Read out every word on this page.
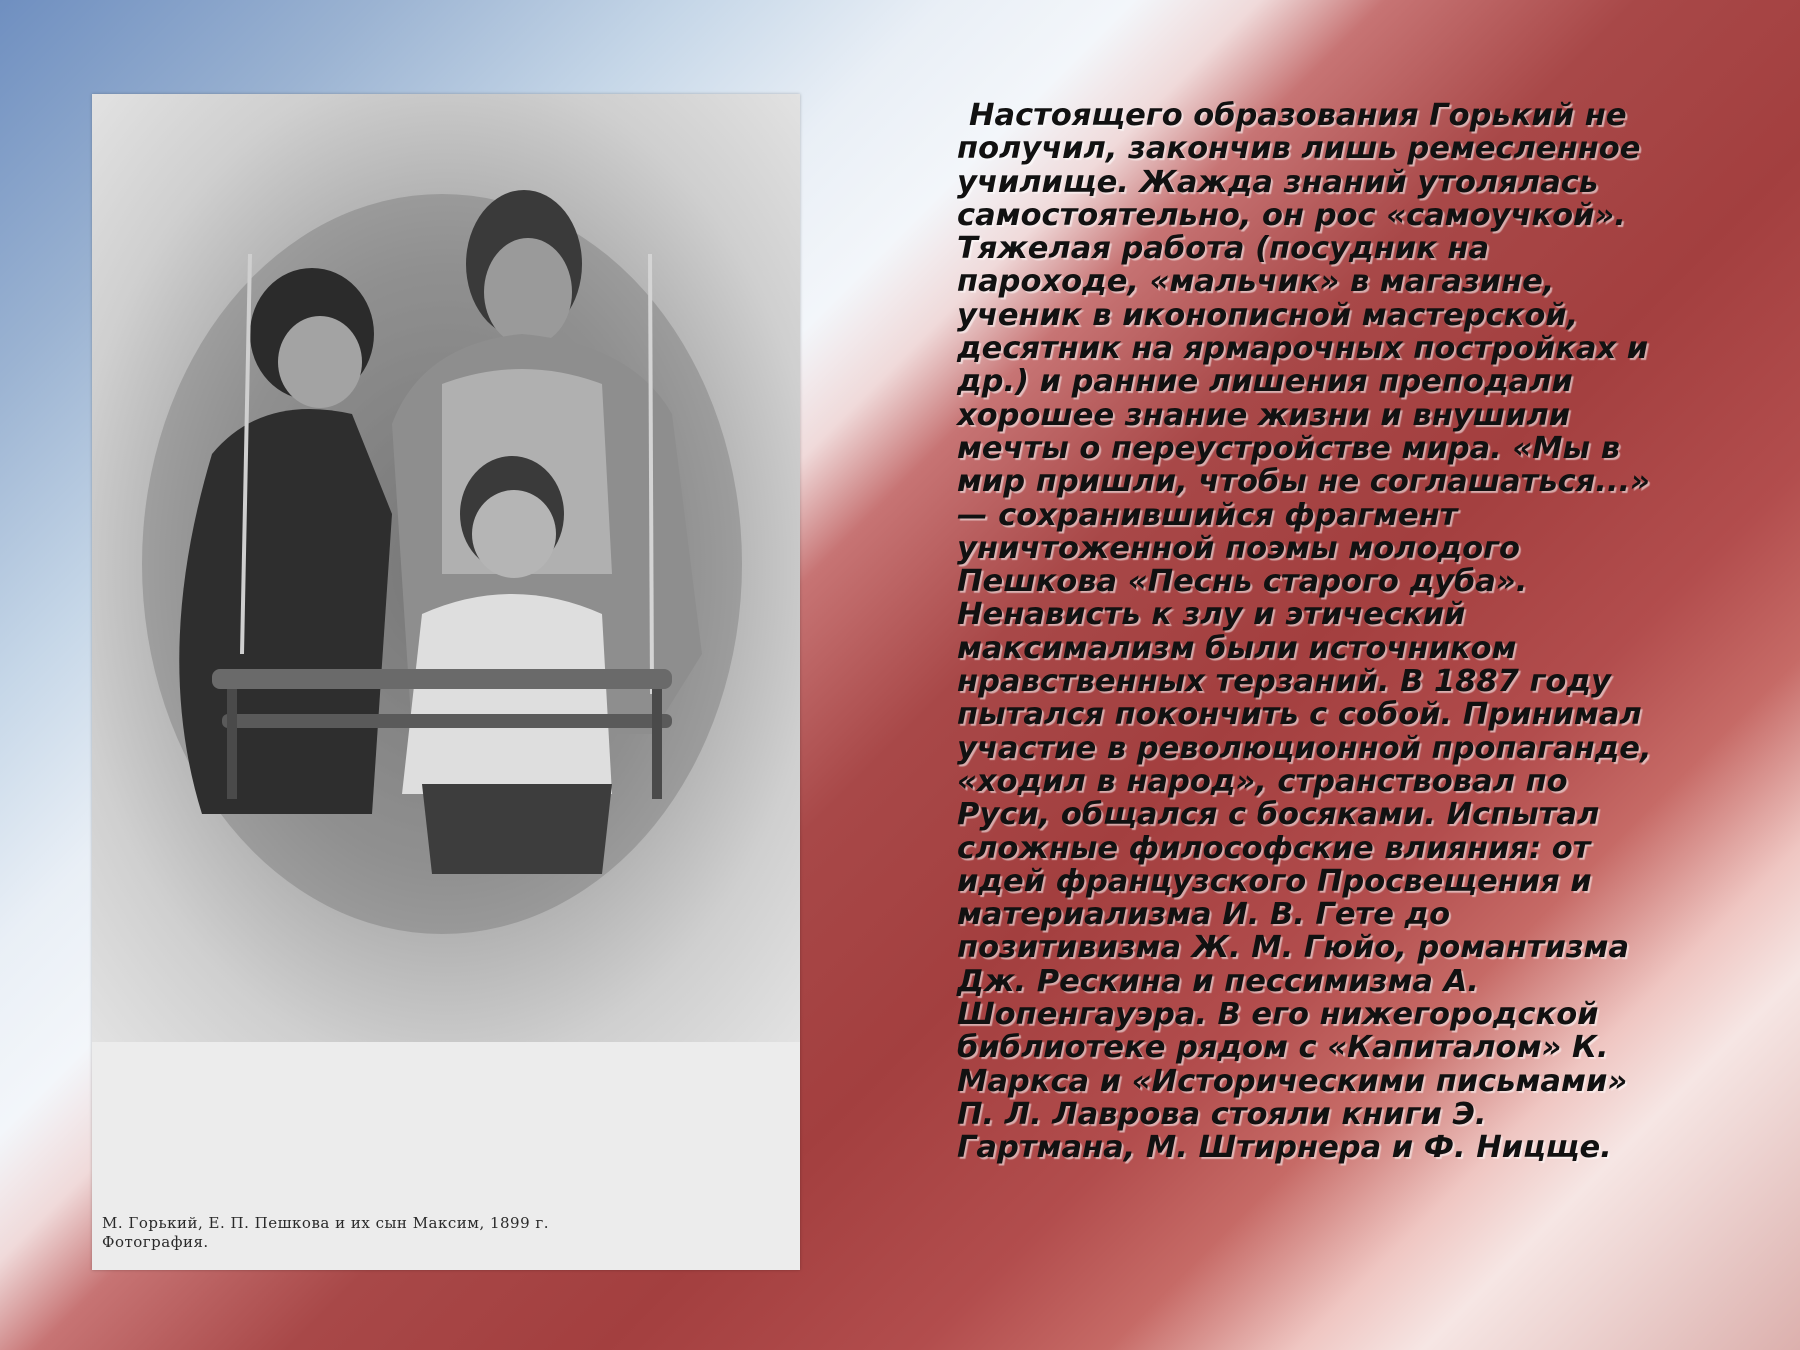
М. Горький, Е. П. Пешкова и их сын Максим, 1899 г.
Фотография.
Настоящего образования Горький не
получил, закончив лишь ремесленное
училище. Жажда знаний утолялась
самостоятельно, он рос «самоучкой».
Тяжелая работа (посудник на
пароходе, «мальчик» в магазине,
ученик в иконописной мастерской,
десятник на ярмарочных постройках и
др.) и ранние лишения преподали
хорошее знание жизни и внушили
мечты о переустройстве мира. «Мы в
мир пришли, чтобы не соглашаться...»
— сохранившийся фрагмент
уничтоженной поэмы молодого
Пешкова «Песнь старого дуба».
Ненависть к злу и этический
максимализм были источником
нравственных терзаний. В 1887 году
пытался покончить с собой. Принимал
участие в революционной пропаганде,
«ходил в народ», странствовал по
Руси, общался с босяками. Испытал
сложные философские влияния: от
идей французского Просвещения и
материализма И. В. Гете до
позитивизма Ж. М. Гюйо, романтизма
Дж. Рескина и пессимизма А.
Шопенгауэра. В его нижегородской
библиотеке рядом с «Капиталом» К.
Маркса и «Историческими письмами»
П. Л. Лаврова стояли книги Э.
Гартмана, М. Штирнера и Ф. Ницще.
